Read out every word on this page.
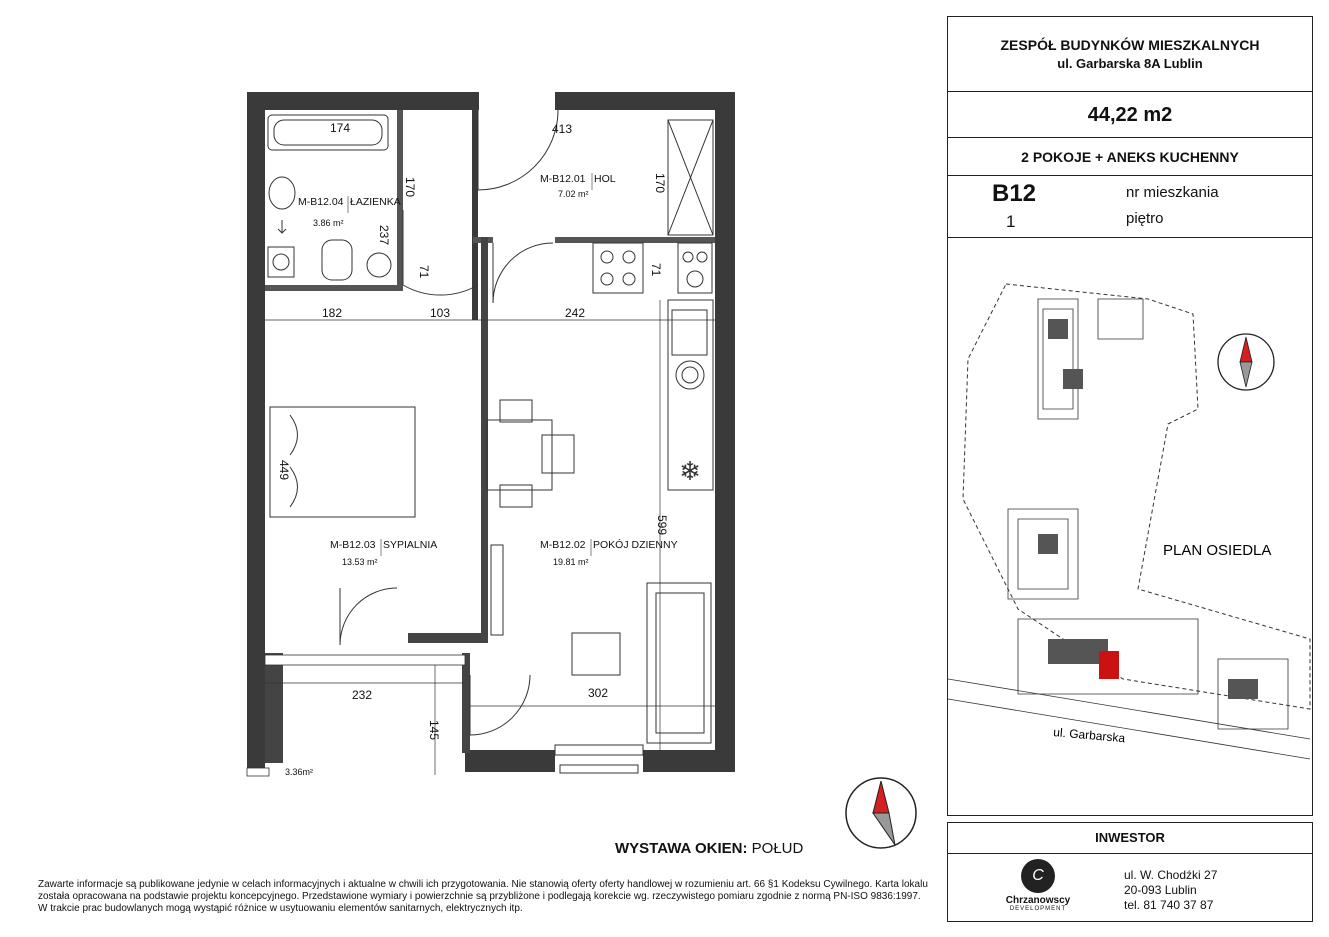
❄
174	413
170	170
237
71	71
182	103	242
449
599
232
145
302
M-B12.01 HOL
7.02 m²
M-B12.04 ŁAZIENKA
3.86 m²
M-B12.03 SYPIALNIA
13.53 m²
M-B12.02 POKÓJ DZIENNY
19.81 m²
3.36m²
WYSTAWA OKIEN: POŁUD
Zawarte informacje są publikowane jedynie w celach informacyjnych i aktualne w chwili ich przygotowania. Nie stanowią oferty oferty handlowej w rozumieniu art. 66 §1 Kodeksu Cywilnego. Karta lokalu
została opracowana na podstawie projektu koncepcyjnego. Przedstawione wymiary i powierzchnie są przybliżone i podlegają korekcie wg. rzeczywistego pomiaru zgodnie z normą PN-ISO 9836:1997.
W trakcie prac budowlanych mogą wystąpić różnice w usytuowaniu elementów sanitarnych, elektrycznych itp.
ZESPÓŁ BUDYNKÓW MIESZKALNYCH
ul. Garbarska 8A Lublin
44,22 m2
2 POKOJE + ANEKS KUCHENNY
B12	nr mieszkania
1	piętro
ul. Garbarska
PLAN OSIEDLA
INWESTOR
C
Chrzanowscy
DEVELOPMENT
ul. W. Chodźki 27
20-093 Lublin
tel. 81 740 37 87
